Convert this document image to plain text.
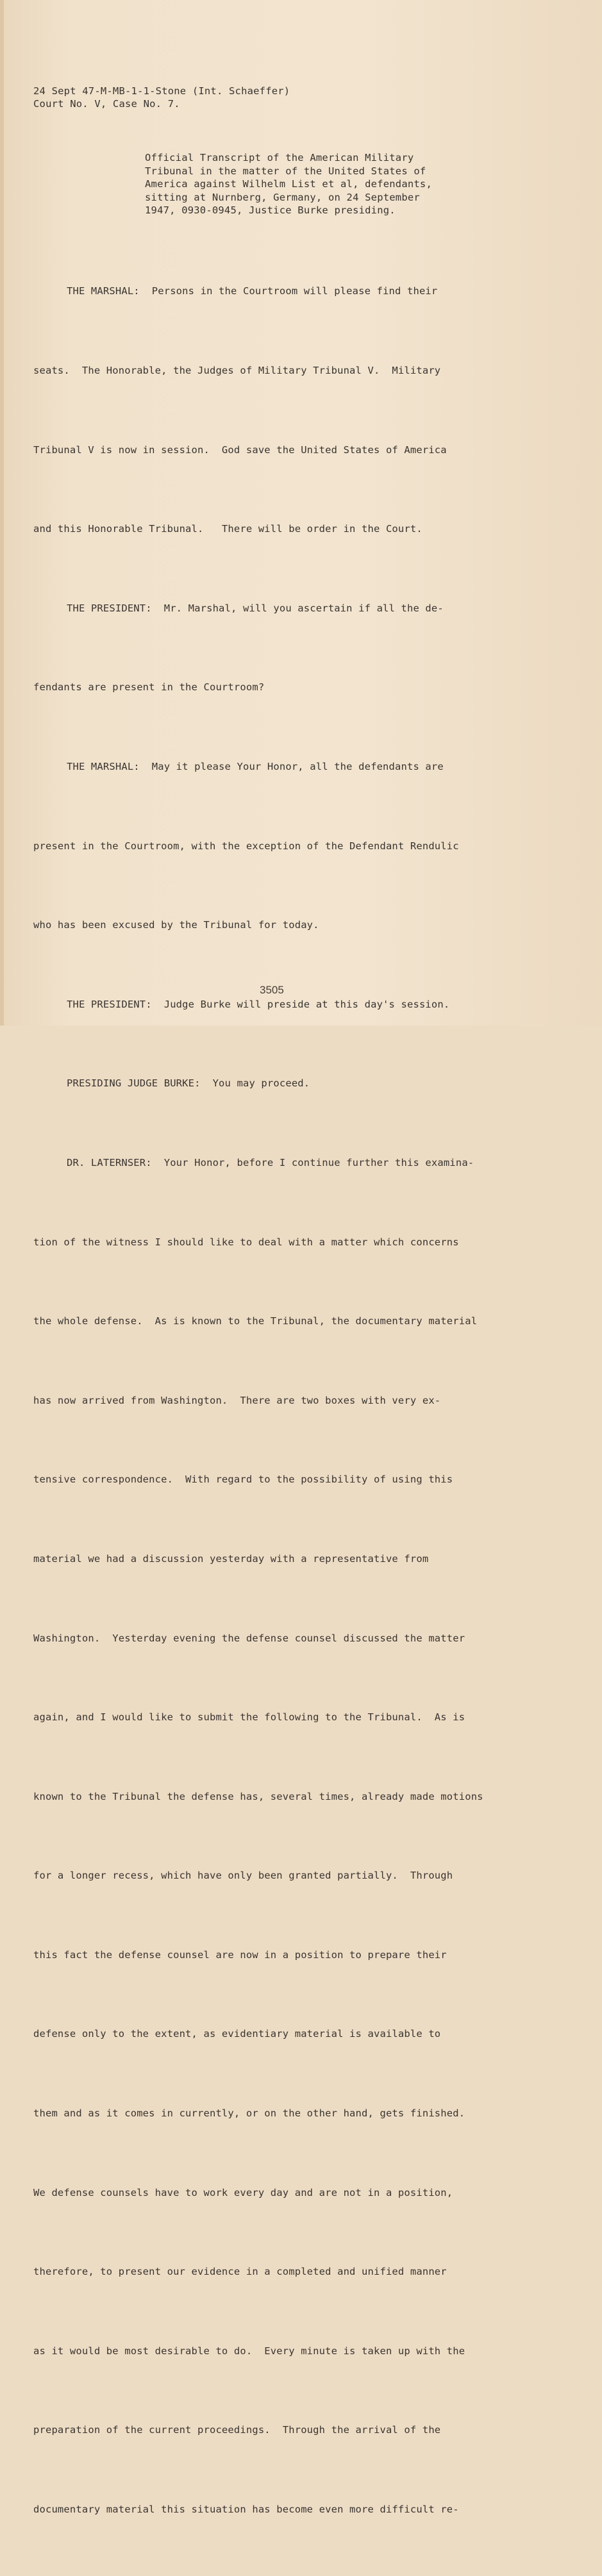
24 Sept 47-M-MB-1-1-Stone (Int. Schaeffer)
Court No. V, Case No. 7.
Official Transcript of the American Military
Tribunal in the matter of the United States of
America against Wilhelm List et al, defendants,
sitting at Nurnberg, Germany, on 24 September
1947, 0930-0945, Justice Burke presiding.

THE MARSHAL:  Persons in the Courtroom will please find their

seats.  The Honorable, the Judges of Military Tribunal V.  Military

Tribunal V is now in session.  God save the United States of America

and this Honorable Tribunal.   There will be order in the Court.

THE PRESIDENT:  Mr. Marshal, will you ascertain if all the de-

fendants are present in the Courtroom?

THE MARSHAL:  May it please Your Honor, all the defendants are

present in the Courtroom, with the exception of the Defendant Rendulic

who has been excused by the Tribunal for today.

THE PRESIDENT:  Judge Burke will preside at this day's session.

PRESIDING JUDGE BURKE:  You may proceed.

DR. LATERNSER:  Your Honor, before I continue further this examina-

tion of the witness I should like to deal with a matter which concerns

the whole defense.  As is known to the Tribunal, the documentary material

has now arrived from Washington.  There are two boxes with very ex-

tensive correspondence.  With regard to the possibility of using this

material we had a discussion yesterday with a representative from

Washington.  Yesterday evening the defense counsel discussed the matter

again, and I would like to submit the following to the Tribunal.  As is

known to the Tribunal the defense has, several times, already made motions

for a longer recess, which have only been granted partially.  Through

this fact the defense counsel are now in a position to prepare their

defense only to the extent, as evidentiary material is available to

them and as it comes in currently, or on the other hand, gets finished.

We defense counsels have to work every day and are not in a position,

therefore, to present our evidence in a completed and unified manner

as it would be most desirable to do.  Every minute is taken up with the

preparation of the current proceedings.  Through the arrival of the

documentary material this situation has become even more difficult re-

3505
